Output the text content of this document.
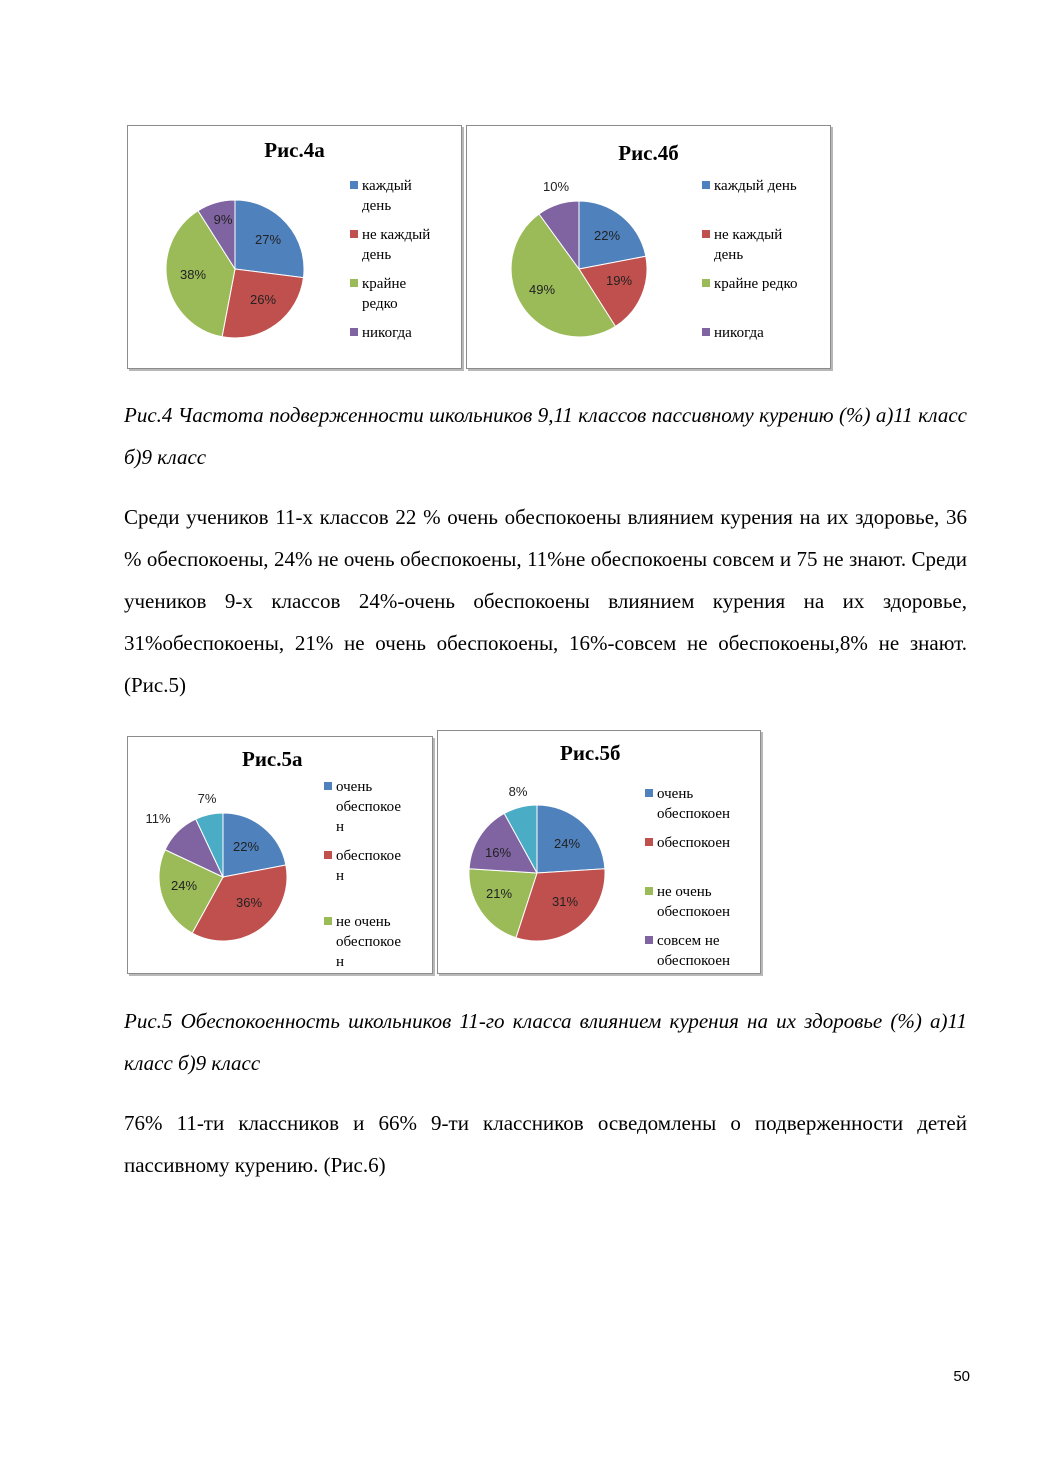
Рис.4а
27%
26%
38%
9%
каждый
день
не каждый
день
крайне
редко
никогда
Рис.4б
22%
19%
49%
10%	каждый день
не каждый
день
крайне редко
никогда
Рис.4 Частота подверженности школьников 9,11 классов пассивному курению (%) а)11 класс б)9 класс
Среди учеников 11-х классов 22 % очень обеспокоены влиянием курения на их здоровье, 36 % обеспокоены, 24% не очень обеспокоены, 11%не обеспокоены совсем и 75 не знают. Среди учеников 9-х классов 24%-очень обеспокоены влиянием курения на их здоровье, 31%обеспокоены, 21% не очень обеспокоены, 16%-совсем не обеспокоены,8% не знают.(Рис.5)
Рис.5а
22%
36%
24%
11%
7%
очень
обеспокое
н
обеспокое
н
не очень
обеспокое
н
Рис.5б
24%
31%
21%
16%
8%	очень
обеспокоен
обеспокоен
не очень
обеспокоен
совсем не
обеспокоен
Рис.5 Обеспокоенность школьников 11-го класса влиянием курения на их здоровье (%) а)11 класс б)9 класс
76% 11-ти классников и 66% 9-ти классников осведомлены о подверженности детей пассивному курению. (Рис.6)
50
